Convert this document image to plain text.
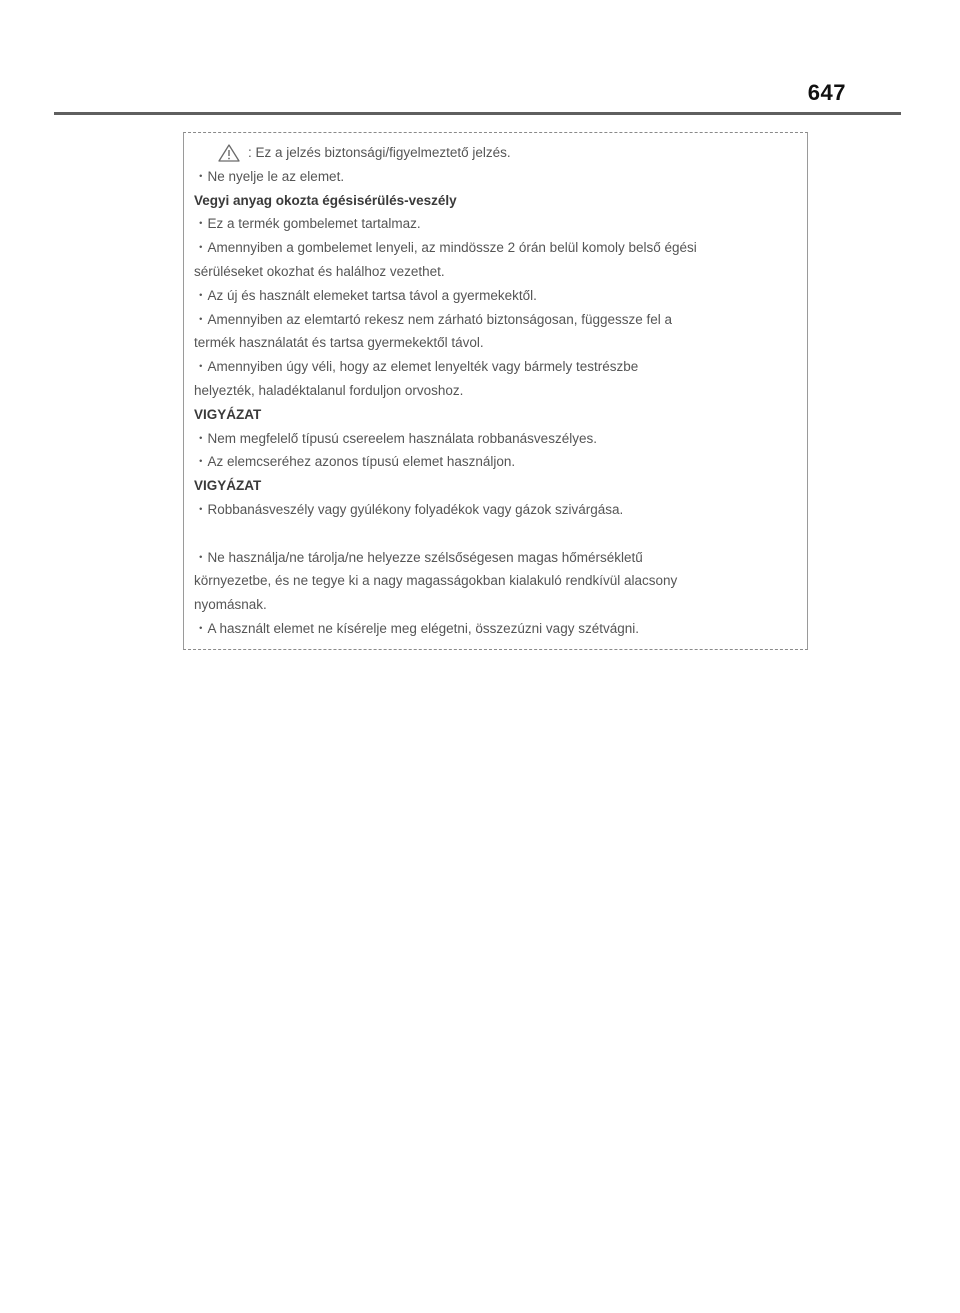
647
: Ez a jelzés biztonsági/figyelmeztető jelzés.
・Ne nyelje le az elemet.
Vegyi anyag okozta égésisérülés-veszély
・Ez a termék gombelemet tartalmaz.
・Amennyiben a gombelemet lenyeli, az mindössze 2 órán belül komoly belső égési
sérüléseket okozhat és halálhoz vezethet.
・Az új és használt elemeket tartsa távol a gyermekektől.
・Amennyiben az elemtartó rekesz nem zárható biztonságosan, függessze fel a
termék használatát és tartsa gyermekektől távol.
・Amennyiben úgy véli, hogy az elemet lenyelték vagy bármely testrészbe
helyezték, haladéktalanul forduljon orvoshoz.
VIGYÁZAT
・Nem megfelelő típusú csereelem használata robbanásveszélyes.
・Az elemcseréhez azonos típusú elemet használjon.
VIGYÁZAT
・Robbanásveszély vagy gyúlékony folyadékok vagy gázok szivárgása.
・Ne használja/ne tárolja/ne helyezze szélsőségesen magas hőmérsékletű
környezetbe, és ne tegye ki a nagy magasságokban kialakuló rendkívül alacsony
nyomásnak.
・A használt elemet ne kísérelje meg elégetni, összezúzni vagy szétvágni.
